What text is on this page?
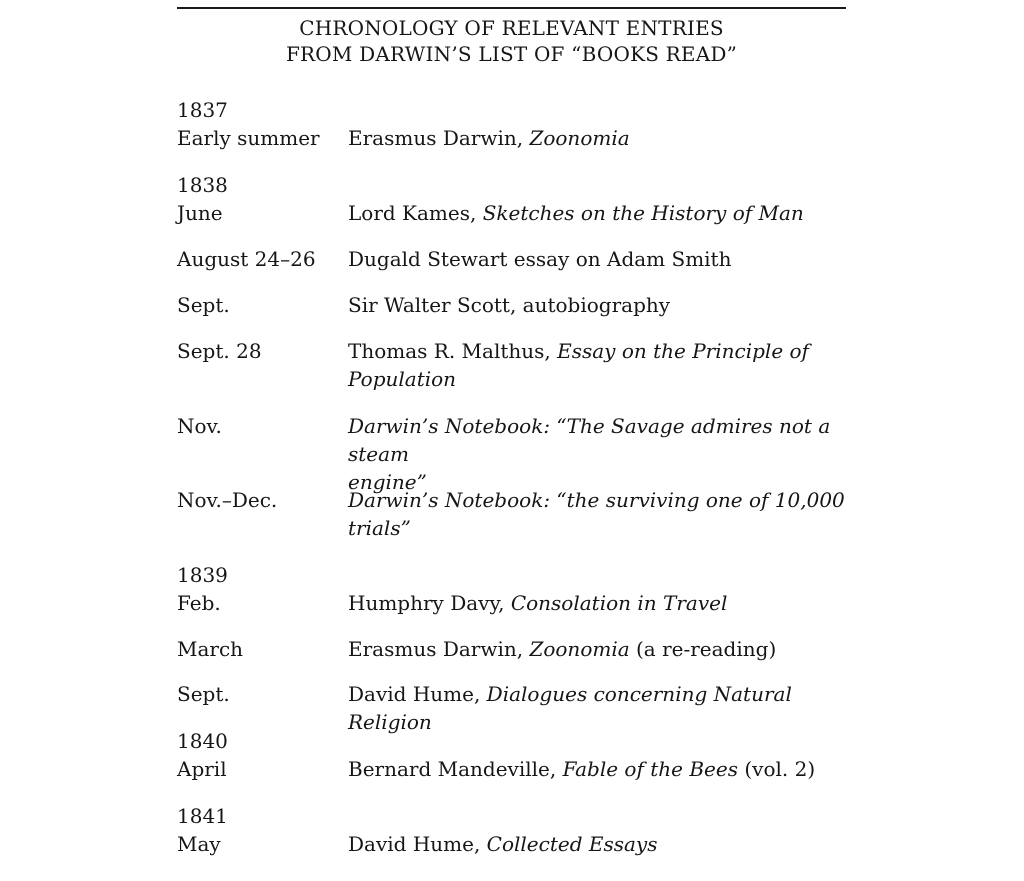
CHRONOLOGY OF RELEVANT ENTRIES
FROM DARWIN’S LIST OF “BOOKS READ”
1837
Early summer Erasmus Darwin, Zoonomia
1838
June	Lord Kames, Sketches on the History of Man
August 24–26 Dugald Stewart essay on Adam Smith
Sept.	Sir Walter Scott, autobiography
Sept. 28	Thomas R. Malthus, Essay on the Principle of
Population
Nov.	Darwin’s Notebook: “The Savage admires not a steam
engine”
Nov.–Dec.	Darwin’s Notebook: “the surviving one of 10,000
trials”
1839
Feb.	Humphry Davy, Consolation in Travel
March	Erasmus Darwin, Zoonomia (a re-reading)
Sept.	David Hume, Dialogues concerning Natural Religion
1840
April	Bernard Mandeville, Fable of the Bees (vol. 2)
1841
May	David Hume, Collected Essays
